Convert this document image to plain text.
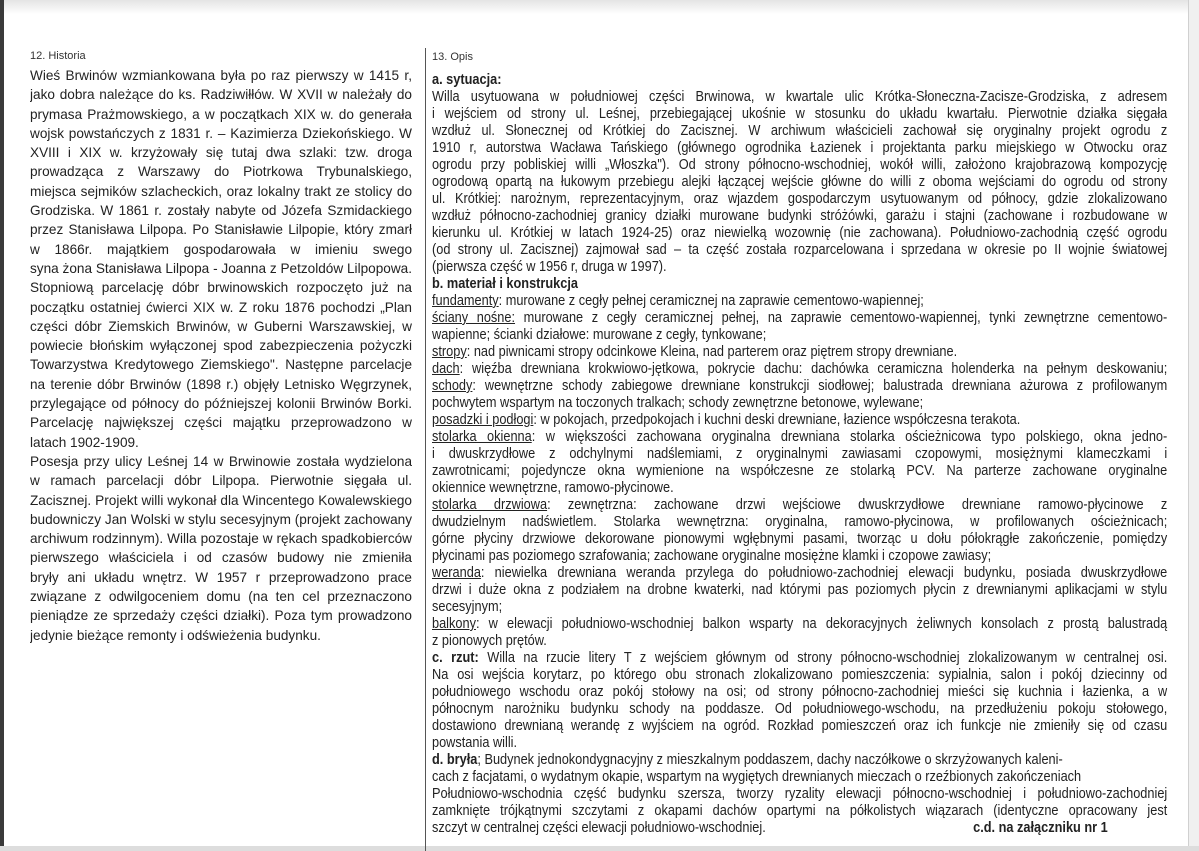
12. Historia
Wieś Brwinów wzmiankowana była po raz pierwszy w 1415 r,
jako dobra należące do ks. Radziwiłłów. W XVII w należały do
prymasa Prażmowskiego, a w początkach XIX w. do generała
wojsk powstańczych z 1831 r. – Kazimierza Dziekońskiego. W
XVIII i XIX w. krzyżowały się tutaj dwa szlaki: tzw. droga
prowadząca z Warszawy do Piotrkowa Trybunalskiego,
miejsca sejmików szlacheckich, oraz lokalny trakt ze stolicy do
Grodziska. W 1861 r. zostały nabyte od Józefa Szmidackiego
przez Stanisława Lilpopa. Po Stanisławie Lilpopie, który zmarł
w 1866r. majątkiem gospodarowała w imieniu swego
syna żona Stanisława Lilpopa - Joanna z Petzoldów Lilpopowa.
Stopniową parcelację dóbr brwinowskich rozpoczęto już na
początku ostatniej ćwierci XIX w. Z roku 1876 pochodzi „Plan
części dóbr Ziemskich Brwinów, w Guberni Warszawskiej, w
powiecie błońskim wyłączonej spod zabezpieczenia pożyczki
Towarzystwa Kredytowego Ziemskiego". Następne parcelacje
na terenie dóbr Brwinów (1898 r.) objęły Letnisko Węgrzynek,
przylegające od północy do późniejszej kolonii Brwinów Borki.
Parcelację największej części majątku przeprowadzono w
latach 1902-1909.
Posesja przy ulicy Leśnej 14 w Brwinowie została wydzielona
w ramach parcelacji dóbr Lilpopa. Pierwotnie sięgała ul.
Zacisznej. Projekt willi wykonał dla Wincentego Kowalewskiego
budowniczy Jan Wolski w stylu secesyjnym (projekt zachowany
archiwum rodzinnym). Willa pozostaje w rękach spadkobierców
pierwszego właściciela i od czasów budowy nie zmieniła
bryły ani układu wnętrz. W 1957 r przeprowadzono prace
związane z odwilgoceniem domu (na ten cel przeznaczono
pieniądze ze sprzedaży części działki). Poza tym prowadzono
jedynie bieżące remonty i odświeżenia budynku.
13. Opis
a. sytuacja:
Willa usytuowana w południowej części Brwinowa, w kwartale ulic Krótka-Słoneczna-Zacisze-Grodziska, z adresem
i wejściem od strony ul. Leśnej, przebiegającej ukośnie w stosunku do układu kwartału. Pierwotnie działka sięgała
wzdłuż ul. Słonecznej od Krótkiej do Zacisznej. W archiwum właścicieli zachował się oryginalny projekt ogrodu z
1910 r, autorstwa Wacława Tańskiego (głównego ogrodnika Łazienek i projektanta parku miejskiego w Otwocku oraz
ogrodu przy pobliskiej willi „Włoszka"). Od strony północno-wschodniej, wokół willi, założono krajobrazową kompozycję
ogrodową opartą na łukowym przebiegu alejki łączącej wejście główne do willi z oboma wejściami do ogrodu od strony
ul. Krótkiej: narożnym, reprezentacyjnym, oraz wjazdem gospodarczym usytuowanym od północy, gdzie zlokalizowano
wzdłuż północno-zachodniej granicy działki murowane budynki stróżówki, garażu i stajni (zachowane i rozbudowane w
kierunku ul. Krótkiej w latach 1924-25) oraz niewielką wozownię (nie zachowana). Południowo-zachodnią część ogrodu
(od strony ul. Zacisznej) zajmował sad – ta część została rozparcelowana i sprzedana w okresie po II wojnie światowej
(pierwsza część w 1956 r, druga w 1997).
b. materiał i konstrukcja
fundamenty: murowane z cegły pełnej ceramicznej na zaprawie cementowo-wapiennej;
ściany nośne: murowane z cegły ceramicznej pełnej, na zaprawie cementowo-wapiennej, tynki zewnętrzne cementowo-
wapienne; ścianki działowe: murowane z cegły, tynkowane;
stropy: nad piwnicami stropy odcinkowe Kleina, nad parterem oraz piętrem stropy drewniane.
dach: więźba drewniana krokwiowo-jętkowa, pokrycie dachu: dachówka ceramiczna holenderka na pełnym deskowaniu;
schody: wewnętrzne schody zabiegowe drewniane konstrukcji siodłowej; balustrada drewniana ażurowa z profilowanym
pochwytem wspartym na toczonych tralkach; schody zewnętrzne betonowe, wylewane;
posadzki i podłogi: w pokojach, przedpokojach i kuchni deski drewniane, łazience współczesna terakota.
stolarka okienna: w większości zachowana oryginalna drewniana stolarka ościeżnicowa typo polskiego, okna jedno-
i dwuskrzydłowe z odchylnymi nadślemiami, z oryginalnymi zawiasami czopowymi, mosiężnymi klameczkami i
zawrotnicami; pojedyncze okna wymienione na współczesne ze stolarką PCV. Na parterze zachowane oryginalne
okiennice wewnętrzne, ramowo-płycinowe.
stolarka drzwiowa: zewnętrzna: zachowane drzwi wejściowe dwuskrzydłowe drewniane ramowo-płycinowe z
dwudzielnym nadświetlem. Stolarka wewnętrzna: oryginalna, ramowo-płycinowa, w profilowanych ościeżnicach;
górne płyciny drzwiowe dekorowane pionowymi wgłębnymi pasami, tworząc u dołu półokrągłe zakończenie, pomiędzy
płycinami pas poziomego szrafowania; zachowane oryginalne mosiężne klamki i czopowe zawiasy;
weranda: niewielka drewniana weranda przylega do południowo-zachodniej elewacji budynku, posiada dwuskrzydłowe
drzwi i duże okna z podziałem na drobne kwaterki, nad którymi pas poziomych płycin z drewnianymi aplikacjami w stylu
secesyjnym;
balkony: w elewacji południowo-wschodniej balkon wsparty na dekoracyjnych żeliwnych konsolach z prostą balustradą
z pionowych prętów.
c. rzut: Willa na rzucie litery T z wejściem głównym od strony północno-wschodniej zlokalizowanym w centralnej osi.
Na osi wejścia korytarz, po którego obu stronach zlokalizowano pomieszczenia: sypialnia, salon i pokój dziecinny od
południowego wschodu oraz pokój stołowy na osi; od strony północno-zachodniej mieści się kuchnia i łazienka, a w
północnym narożniku budynku schody na poddasze. Od południowego-wschodu, na przedłużeniu pokoju stołowego,
dostawiono drewnianą werandę z wyjściem na ogród. Rozkład pomieszczeń oraz ich funkcje nie zmieniły się od czasu
powstania willi.
d. bryła; Budynek jednokondygnacyjny z mieszkalnym poddaszem, dachy naczółkowe o skrzyżowanych kaleni-
cach z facjatami, o wydatnym okapie, wspartym na wygiętych drewnianych mieczach o rzeźbionych zakończeniach
Południowo-wschodnia część budynku szersza, tworzy ryzality elewacji północno-wschodniej i południowo-zachodniej
zamknięte trójkątnymi szczytami z okapami dachów opartymi na półkolistych wiązarach (identyczne opracowany jest
szczyt w centralnej części elewacji południowo-wschodniej.	c.d. na załączniku nr 1
